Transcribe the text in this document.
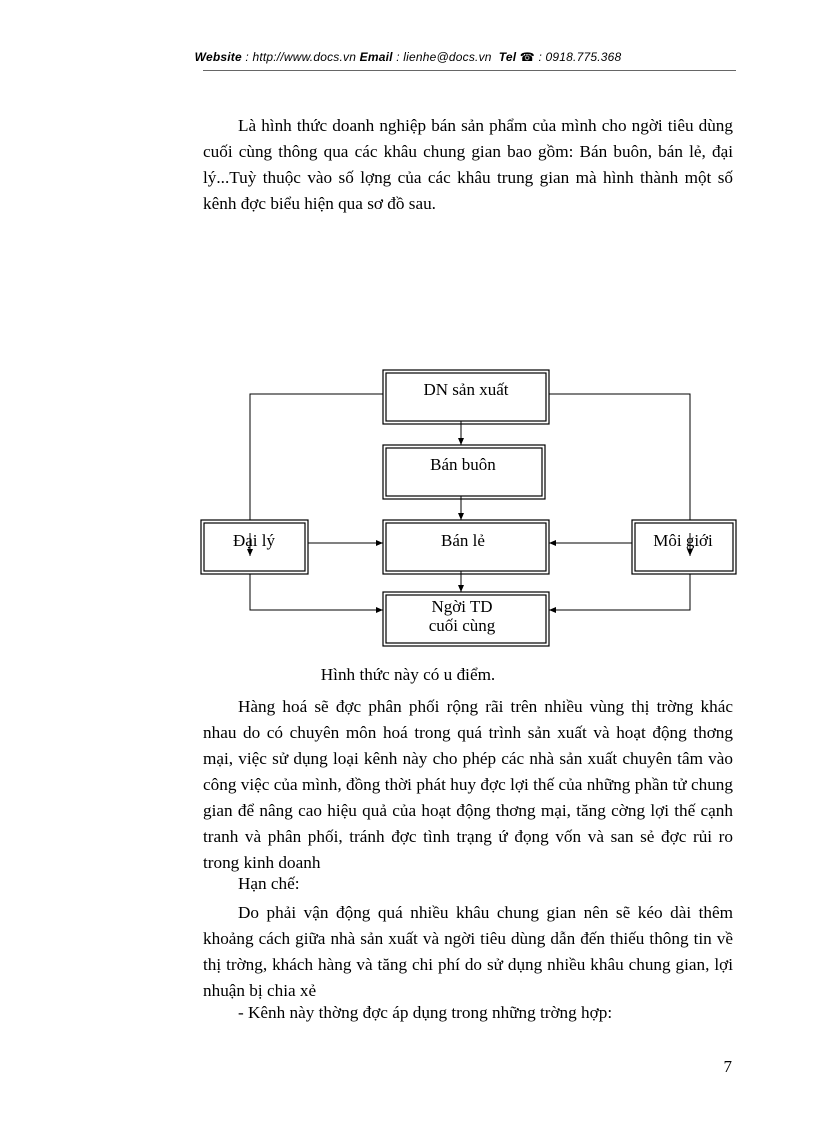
Website : http://www.docs.vn Email : lienhe@docs.vn Tel ☎ : 0918.775.368

Là hình thức doanh nghiệp bán sản phẩm của mình cho ngời tiêu dùng cuối cùng thông qua các khâu chung gian bao gồm: Bán buôn, bán lẻ, đại lý...Tuỳ thuộc vào số lợng của các khâu trung gian mà hình thành một số kênh đợc biểu hiện qua sơ đồ sau.

DN sản xuất
Bán buôn
Bán lẻ
Đại lý	Môi giới
Ngời TD
cuối cùng
Hình thức này có u điểm.

Hàng hoá sẽ đợc phân phối rộng rãi trên nhiều vùng thị trờng khác nhau do có chuyên môn hoá trong quá trình sản xuất và hoạt động thơng mại, việc sử dụng loại kênh này cho phép các nhà sản xuất chuyên tâm vào công việc của mình, đồng thời phát huy đợc lợi thế của những phần tử chung gian để nâng cao hiệu quả của hoạt động thơng mại, tăng cờng lợi thế cạnh tranh và phân phối, tránh đợc tình trạng ứ đọng vốn và san sẻ đợc rủi ro trong kinh doanh

Hạn chế:

Do phải vận động quá nhiều khâu chung gian nên sẽ kéo dài thêm khoảng cách giữa nhà sản xuất và ngời tiêu dùng dẫn đến thiếu thông tin về thị trờng, khách hàng và tăng chi phí do sử dụng nhiều khâu chung gian, lợi nhuận bị chia xẻ

- Kênh này thờng đợc áp dụng trong những trờng hợp:
7
